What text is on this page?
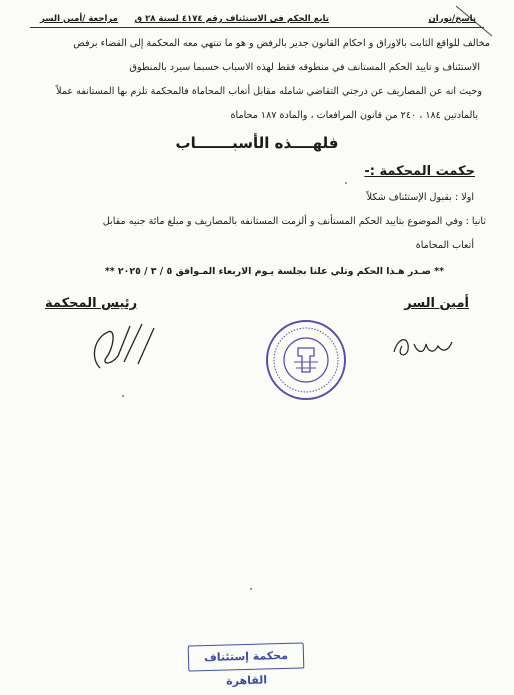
ناسخ/نوران
تابع الحكم فى الاستئناف رقم ٤١٧٤ لسنة ٢٨ ق
مراجعة /أمين السر
مخالف للواقع الثابت بالاوراق و احكام القانون جدير بالرفض و هو ما تنتهي معه المحكمة إلى القضاء برفض
الاستئناف و تاييد الحكم المستانف في منطوقه فقط لهذه الاسباب حسبما سيرد بالمنطوق
وحيث انه عن المصاريف عن درجتي التقاضي شامله مقابل أتعاب المحاماة فالمحكمة تلزم بها المستانفه عملاً
بالمادتين ١٨٤ ، ٢٤٠ من قانون المرافعات ، والمادة ١٨٧ محاماة
فلهــــذه الأسبـــــــاب
حكمت المحكمة :-
اولا : بقبول الإستئناف شكلاً
ثانيا : وفي الموضوع بتاييد الحكم المستأنف و ألزمت المستانفه بالمصاريف و مبلغ مائة جنيه مقابل
أتعاب المحاماة
** صـدر هـذا الحكم وتلي علنا بجلسة يـوم الاربعاء المـوافق ٥ / ٣ / ٢٠٢٥ **
أمين السر
رئيس المحكمة
محكمة إستئناف القاهرة
